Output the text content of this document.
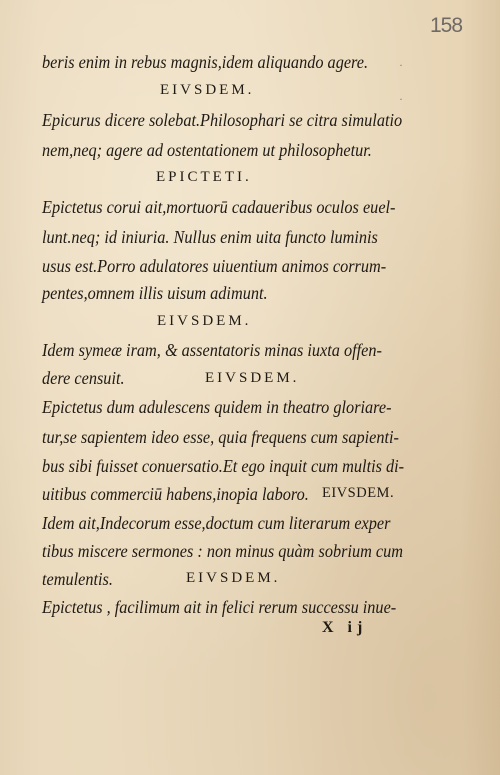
158
beris enim in rebus magnis,idem aliquando agere.
EIVSDEM.
Epicurus dicere solebat.Philosophari se citra simulatio
nem,neq; agere ad ostentationem ut philosophetur.
EPICTETI.
Epictetus corui ait,mortuorū cadaueribus oculos euel-
lunt.neq; id iniuria. Nullus enim uita functo luminis
usus est.Porro adulatores uiuentium animos corrum-
pentes,omnem illis uisum adimunt.
EIVSDEM.
Idem symeæ iram, & assentatoris minas iuxta offen-
dere censuit.	EIVSDEM.
Epictetus dum adulescens quidem in theatro gloriare-
tur,se sapientem ideo esse, quia frequens cum sapienti-
bus sibi fuisset conuersatio.Et ego inquit cum multis di-
uitibus commerciū habens,inopia laboro. EIVSDEM.
Idem ait,Indecorum esse,doctum cum literarum exper
tibus miscere sermones : non minus quàm sobrium cum
temulentis.	EIVSDEM.
Epictetus , facilimum ait in felici rerum successu inue-
X ij
·
·
